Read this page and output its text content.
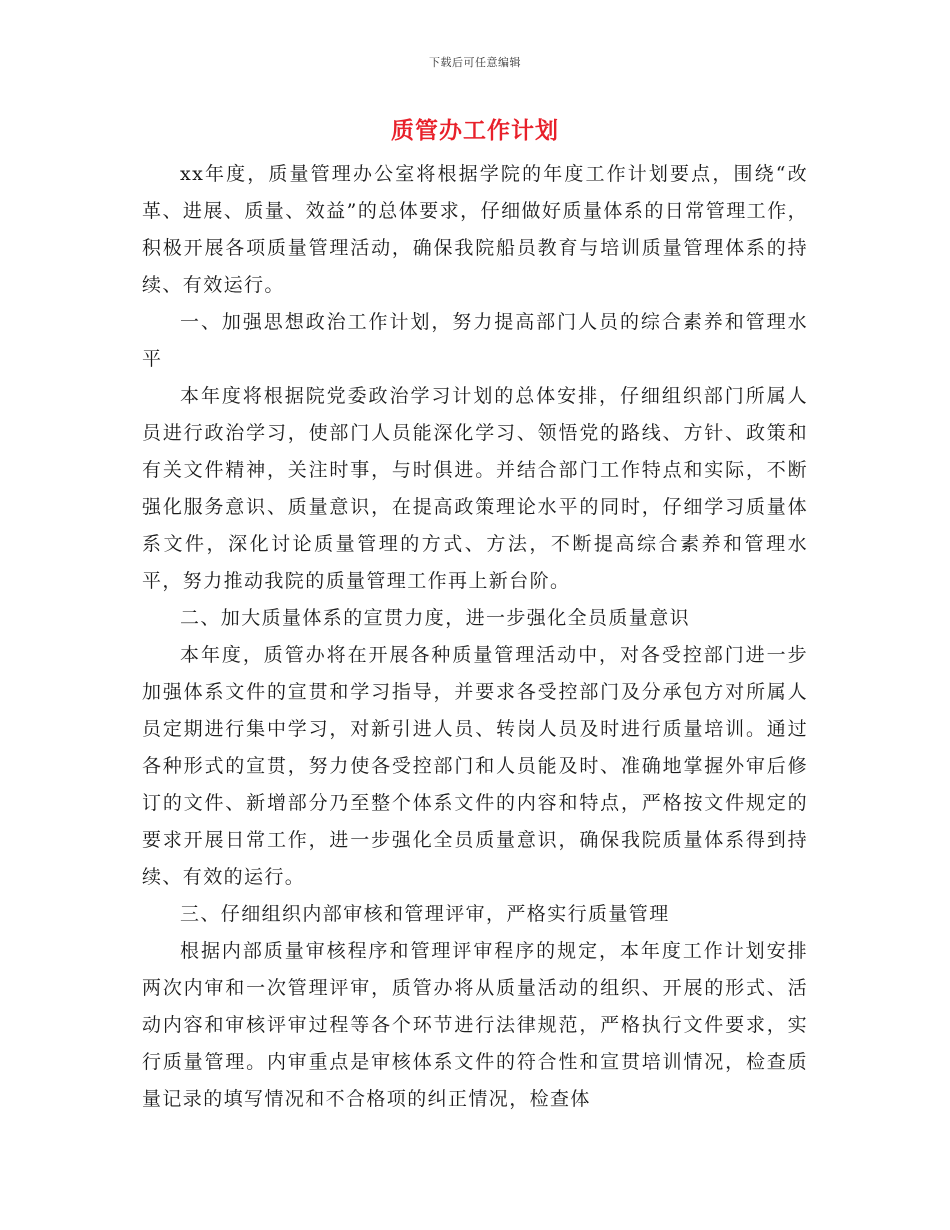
下载后可任意编辑
质管办工作计划

xx年度，质量管理办公室将根据学院的年度工作计划要点，围绕“改革、进展、质量、效益”的总体要求，仔细做好质量体系的日常管理工作，积极开展各项质量管理活动，确保我院船员教育与培训质量管理体系的持续、有效运行。

一、加强思想政治工作计划，努力提高部门人员的综合素养和管理水平

本年度将根据院党委政治学习计划的总体安排，仔细组织部门所属人员进行政治学习，使部门人员能深化学习、领悟党的路线、方针、政策和有关文件精神，关注时事，与时俱进。并结合部门工作特点和实际，不断强化服务意识、质量意识，在提高政策理论水平的同时，仔细学习质量体系文件，深化讨论质量管理的方式、方法，不断提高综合素养和管理水平，努力推动我院的质量管理工作再上新台阶。

二、加大质量体系的宣贯力度，进一步强化全员质量意识

本年度，质管办将在开展各种质量管理活动中，对各受控部门进一步加强体系文件的宣贯和学习指导，并要求各受控部门及分承包方对所属人员定期进行集中学习，对新引进人员、转岗人员及时进行质量培训。通过各种形式的宣贯，努力使各受控部门和人员能及时、准确地掌握外审后修订的文件、新增部分乃至整个体系文件的内容和特点，严格按文件规定的要求开展日常工作，进一步强化全员质量意识，确保我院质量体系得到持续、有效的运行。

三、仔细组织内部审核和管理评审，严格实行质量管理

根据内部质量审核程序和管理评审程序的规定，本年度工作计划安排两次内审和一次管理评审，质管办将从质量活动的组织、开展的形式、活动内容和审核评审过程等各个环节进行法律规范，严格执行文件要求，实行质量管理。内审重点是审核体系文件的符合性和宣贯培训情况，检查质量记录的填写情况和不合格项的纠正情况，检查体
